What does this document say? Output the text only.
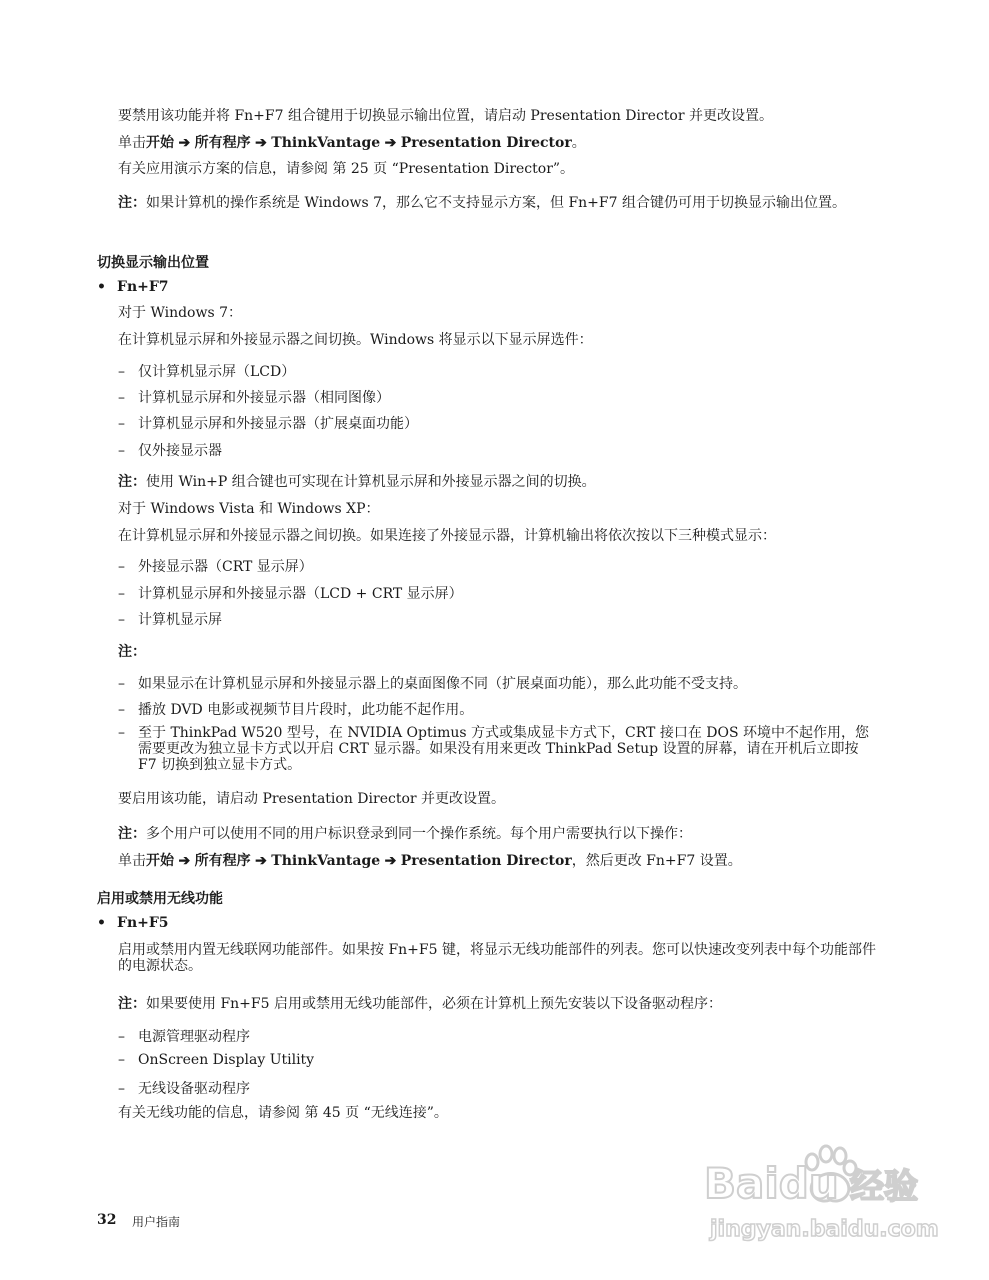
要禁用该功能并将 Fn+F7 组合键用于切换显示输出位置，请启动 Presentation Director 并更改设置。
单击开始 ➔ 所有程序 ➔ ThinkVantage ➔ Presentation Director。
有关应用演示方案的信息，请参阅 第 25 页 “Presentation Director”。
注：如果计算机的操作系统是 Windows 7，那么它不支持显示方案，但 Fn+F7 组合键仍可用于切换显示输出位置。
切换显示输出位置
• Fn+F7
对于 Windows 7：
在计算机显示屏和外接显示器之间切换。Windows 将显示以下显示屏选件：
– 仅计算机显示屏（LCD）
– 计算机显示屏和外接显示器（相同图像）
– 计算机显示屏和外接显示器（扩展桌面功能）
– 仅外接显示器
注：使用 Win+P 组合键也可实现在计算机显示屏和外接显示器之间的切换。
对于 Windows Vista 和 Windows XP：
在计算机显示屏和外接显示器之间切换。如果连接了外接显示器，计算机输出将依次按以下三种模式显示：
– 外接显示器（CRT 显示屏）
– 计算机显示屏和外接显示器（LCD + CRT 显示屏）
– 计算机显示屏
注：
– 如果显示在计算机显示屏和外接显示器上的桌面图像不同（扩展桌面功能），那么此功能不受支持。
– 播放 DVD 电影或视频节目片段时，此功能不起作用。
– 至于 ThinkPad W520 型号，在 NVIDIA Optimus 方式或集成显卡方式下，CRT 接口在 DOS 环境中不起作用，您需要更改为独立显卡方式以开启 CRT 显示器。如果没有用来更改 ThinkPad Setup 设置的屏幕，请在开机后立即按 F7 切换到独立显卡方式。
要启用该功能，请启动 Presentation Director 并更改设置。
注：多个用户可以使用不同的用户标识登录到同一个操作系统。每个用户需要执行以下操作：
单击开始 ➔ 所有程序 ➔ ThinkVantage ➔ Presentation Director，然后更改 Fn+F7 设置。
启用或禁用无线功能
• Fn+F5
启用或禁用内置无线联网功能部件。如果按 Fn+F5 键，将显示无线功能部件的列表。您可以快速改变列表中每个功能部件的电源状态。
注：如果要使用 Fn+F5 启用或禁用无线功能部件，必须在计算机上预先安装以下设备驱动程序：
– 电源管理驱动程序
– OnScreen Display Utility
– 无线设备驱动程序
有关无线功能的信息，请参阅 第 45 页 “无线连接”。
32 用户指南
Baidu 经验
jingyan.baidu.com
